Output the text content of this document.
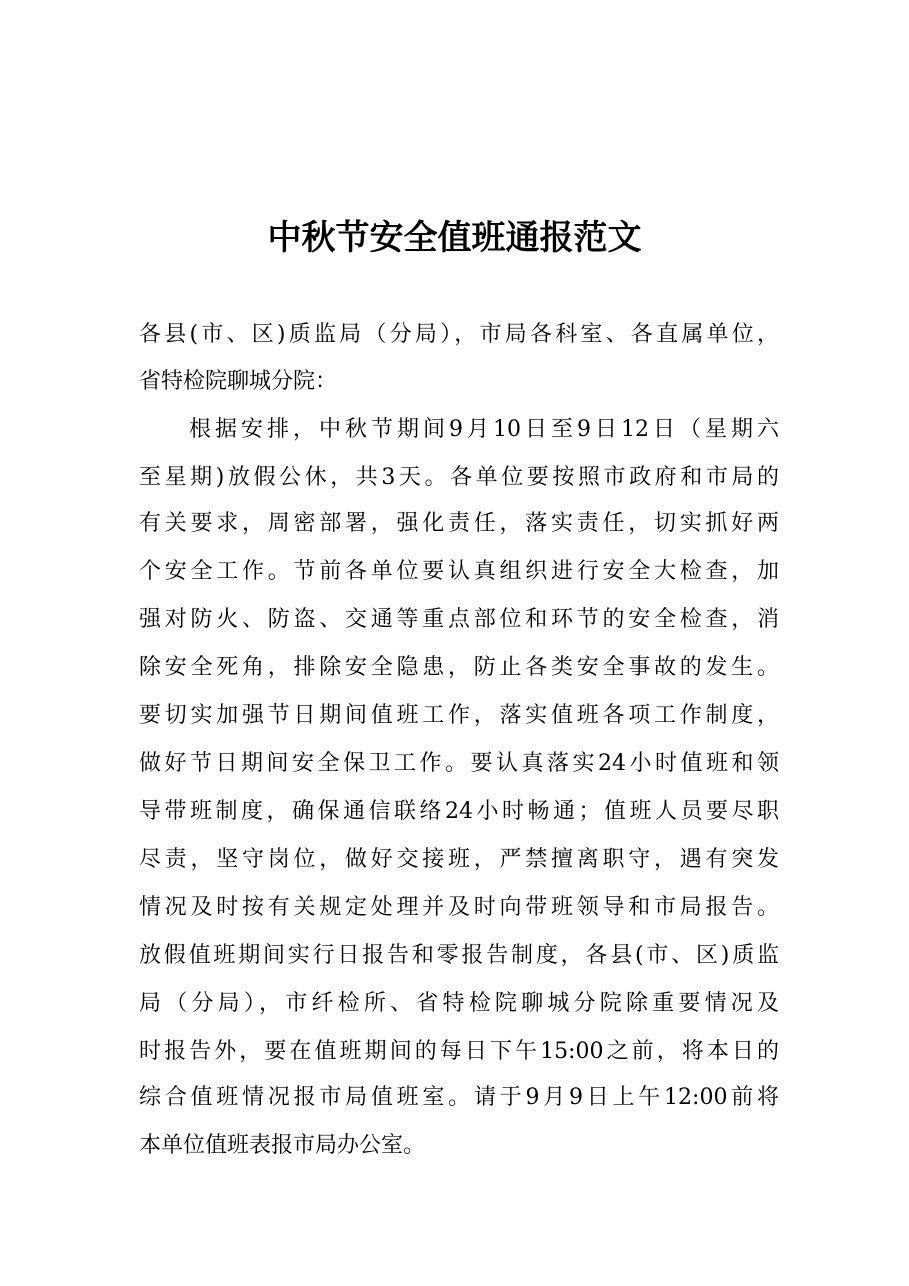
中秋节安全值班通报范文
各县(市、区)质监局（分局），市局各科室、各直属单位，
省特检院聊城分院：
根据安排，中秋节期间9月10日至9日12日（星期六
至星期)放假公休，共3天。各单位要按照市政府和市局的
有关要求，周密部署，强化责任，落实责任，切实抓好两
个安全工作。节前各单位要认真组织进行安全大检查，加
强对防火、防盗、交通等重点部位和环节的安全检查，消
除安全死角，排除安全隐患，防止各类安全事故的发生。
要切实加强节日期间值班工作，落实值班各项工作制度，
做好节日期间安全保卫工作。要认真落实24小时值班和领
导带班制度，确保通信联络24小时畅通；值班人员要尽职
尽责，坚守岗位，做好交接班，严禁擅离职守，遇有突发
情况及时按有关规定处理并及时向带班领导和市局报告。
放假值班期间实行日报告和零报告制度，各县(市、区)质监
局（分局），市纤检所、省特检院聊城分院除重要情况及
时报告外，要在值班期间的每日下午15:00之前，将本日的
综合值班情况报市局值班室。请于9月9日上午12:00前将
本单位值班表报市局办公室。
